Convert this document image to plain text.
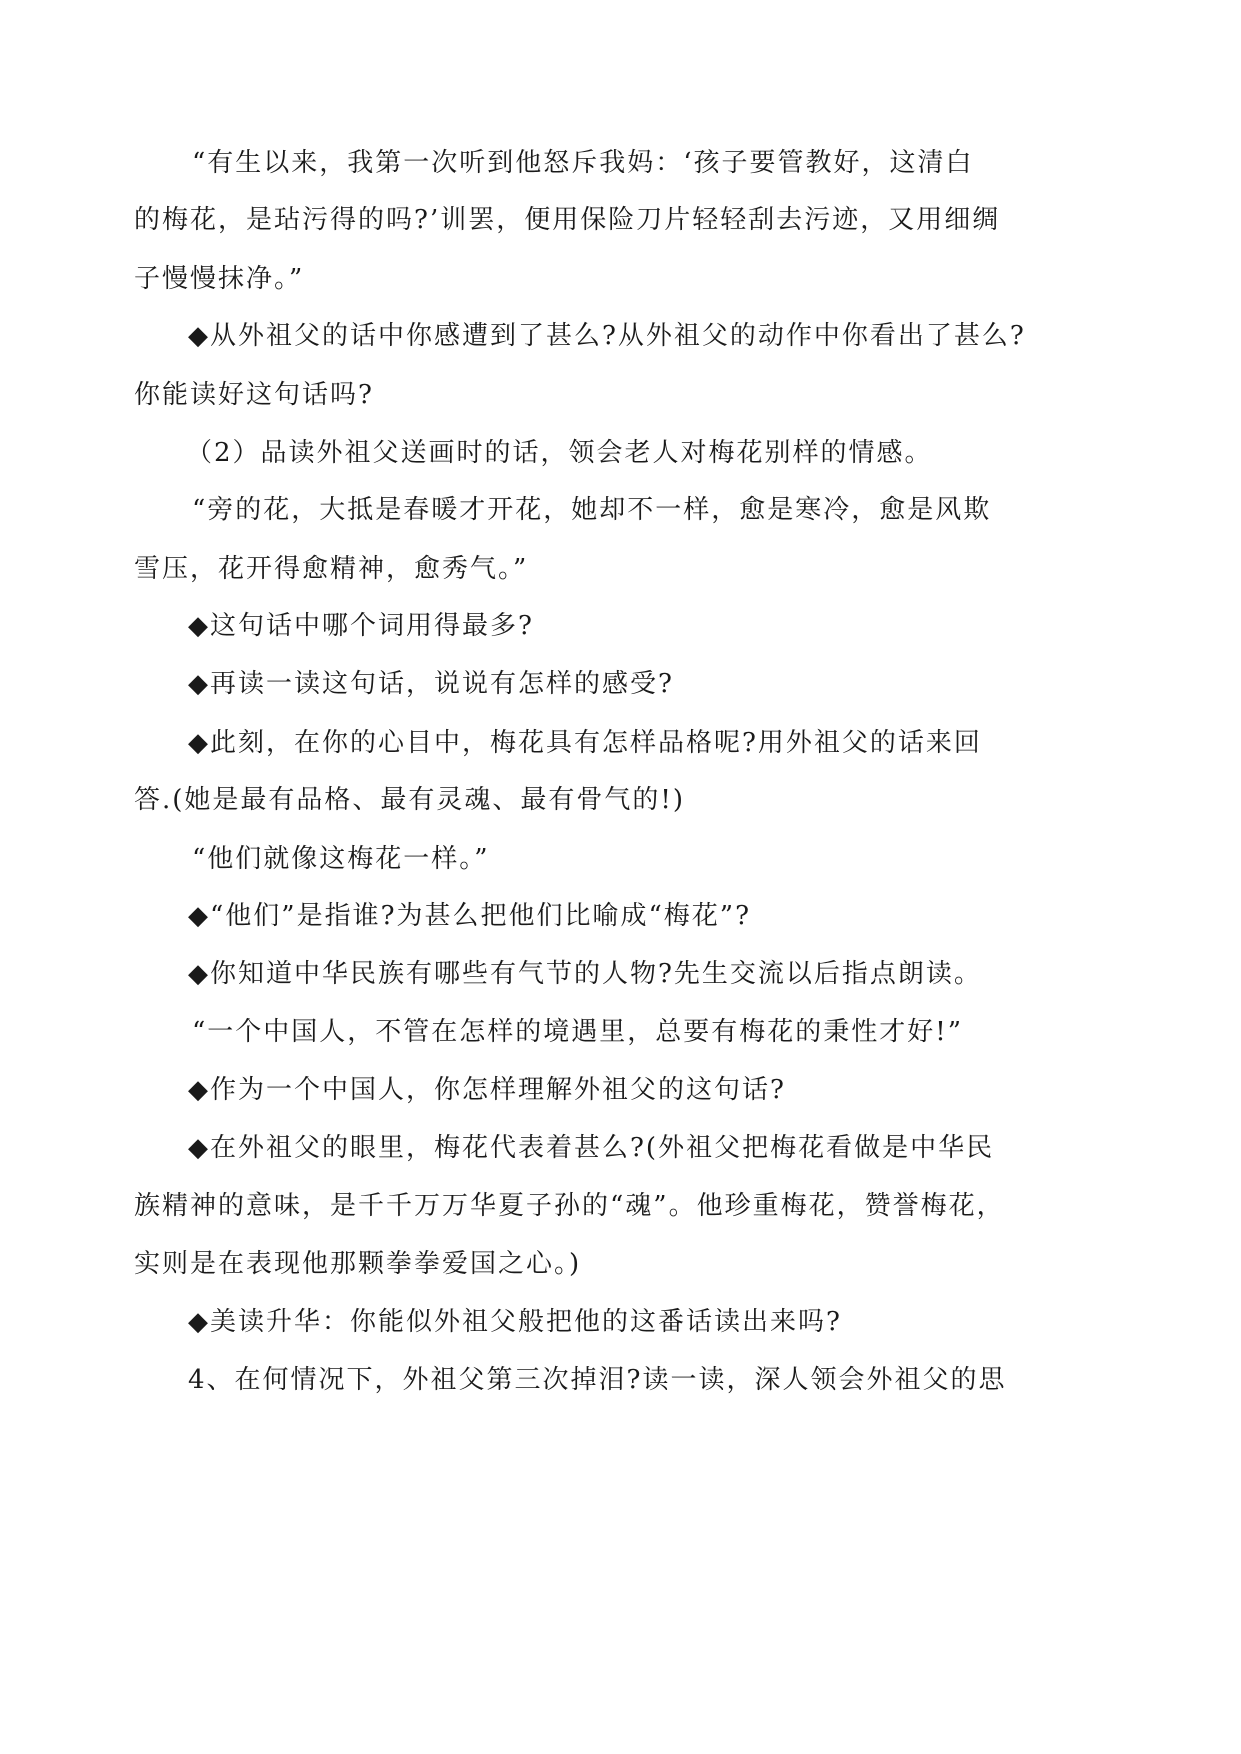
“有生以来，我第一次听到他怒斥我妈：‘孩子要管教好，这清白
的梅花，是玷污得的吗?’训罢，便用保险刀片轻轻刮去污迹，又用细绸
子慢慢抹净。”
◆从外祖父的话中你感遭到了甚么?从外祖父的动作中你看出了甚么?
你能读好这句话吗?
（2）品读外祖父送画时的话，领会老人对梅花别样的情感。
“旁的花，大抵是春暖才开花，她却不一样，愈是寒冷，愈是风欺
雪压，花开得愈精神，愈秀气。”
◆这句话中哪个词用得最多?
◆再读一读这句话，说说有怎样的感受?
◆此刻，在你的心目中，梅花具有怎样品格呢?用外祖父的话来回
答.(她是最有品格、最有灵魂、最有骨气的!)
“他们就像这梅花一样。”
◆“他们”是指谁?为甚么把他们比喻成“梅花”?
◆你知道中华民族有哪些有气节的人物?先生交流以后指点朗读。
“一个中国人，不管在怎样的境遇里，总要有梅花的秉性才好!”
◆作为一个中国人，你怎样理解外祖父的这句话?
◆在外祖父的眼里，梅花代表着甚么?(外祖父把梅花看做是中华民
族精神的意味，是千千万万华夏子孙的“魂”。他珍重梅花，赞誉梅花，
实则是在表现他那颗拳拳爱国之心。)
◆美读升华：你能似外祖父般把他的这番话读出来吗?
4、在何情况下，外祖父第三次掉泪?读一读，深人领会外祖父的思
